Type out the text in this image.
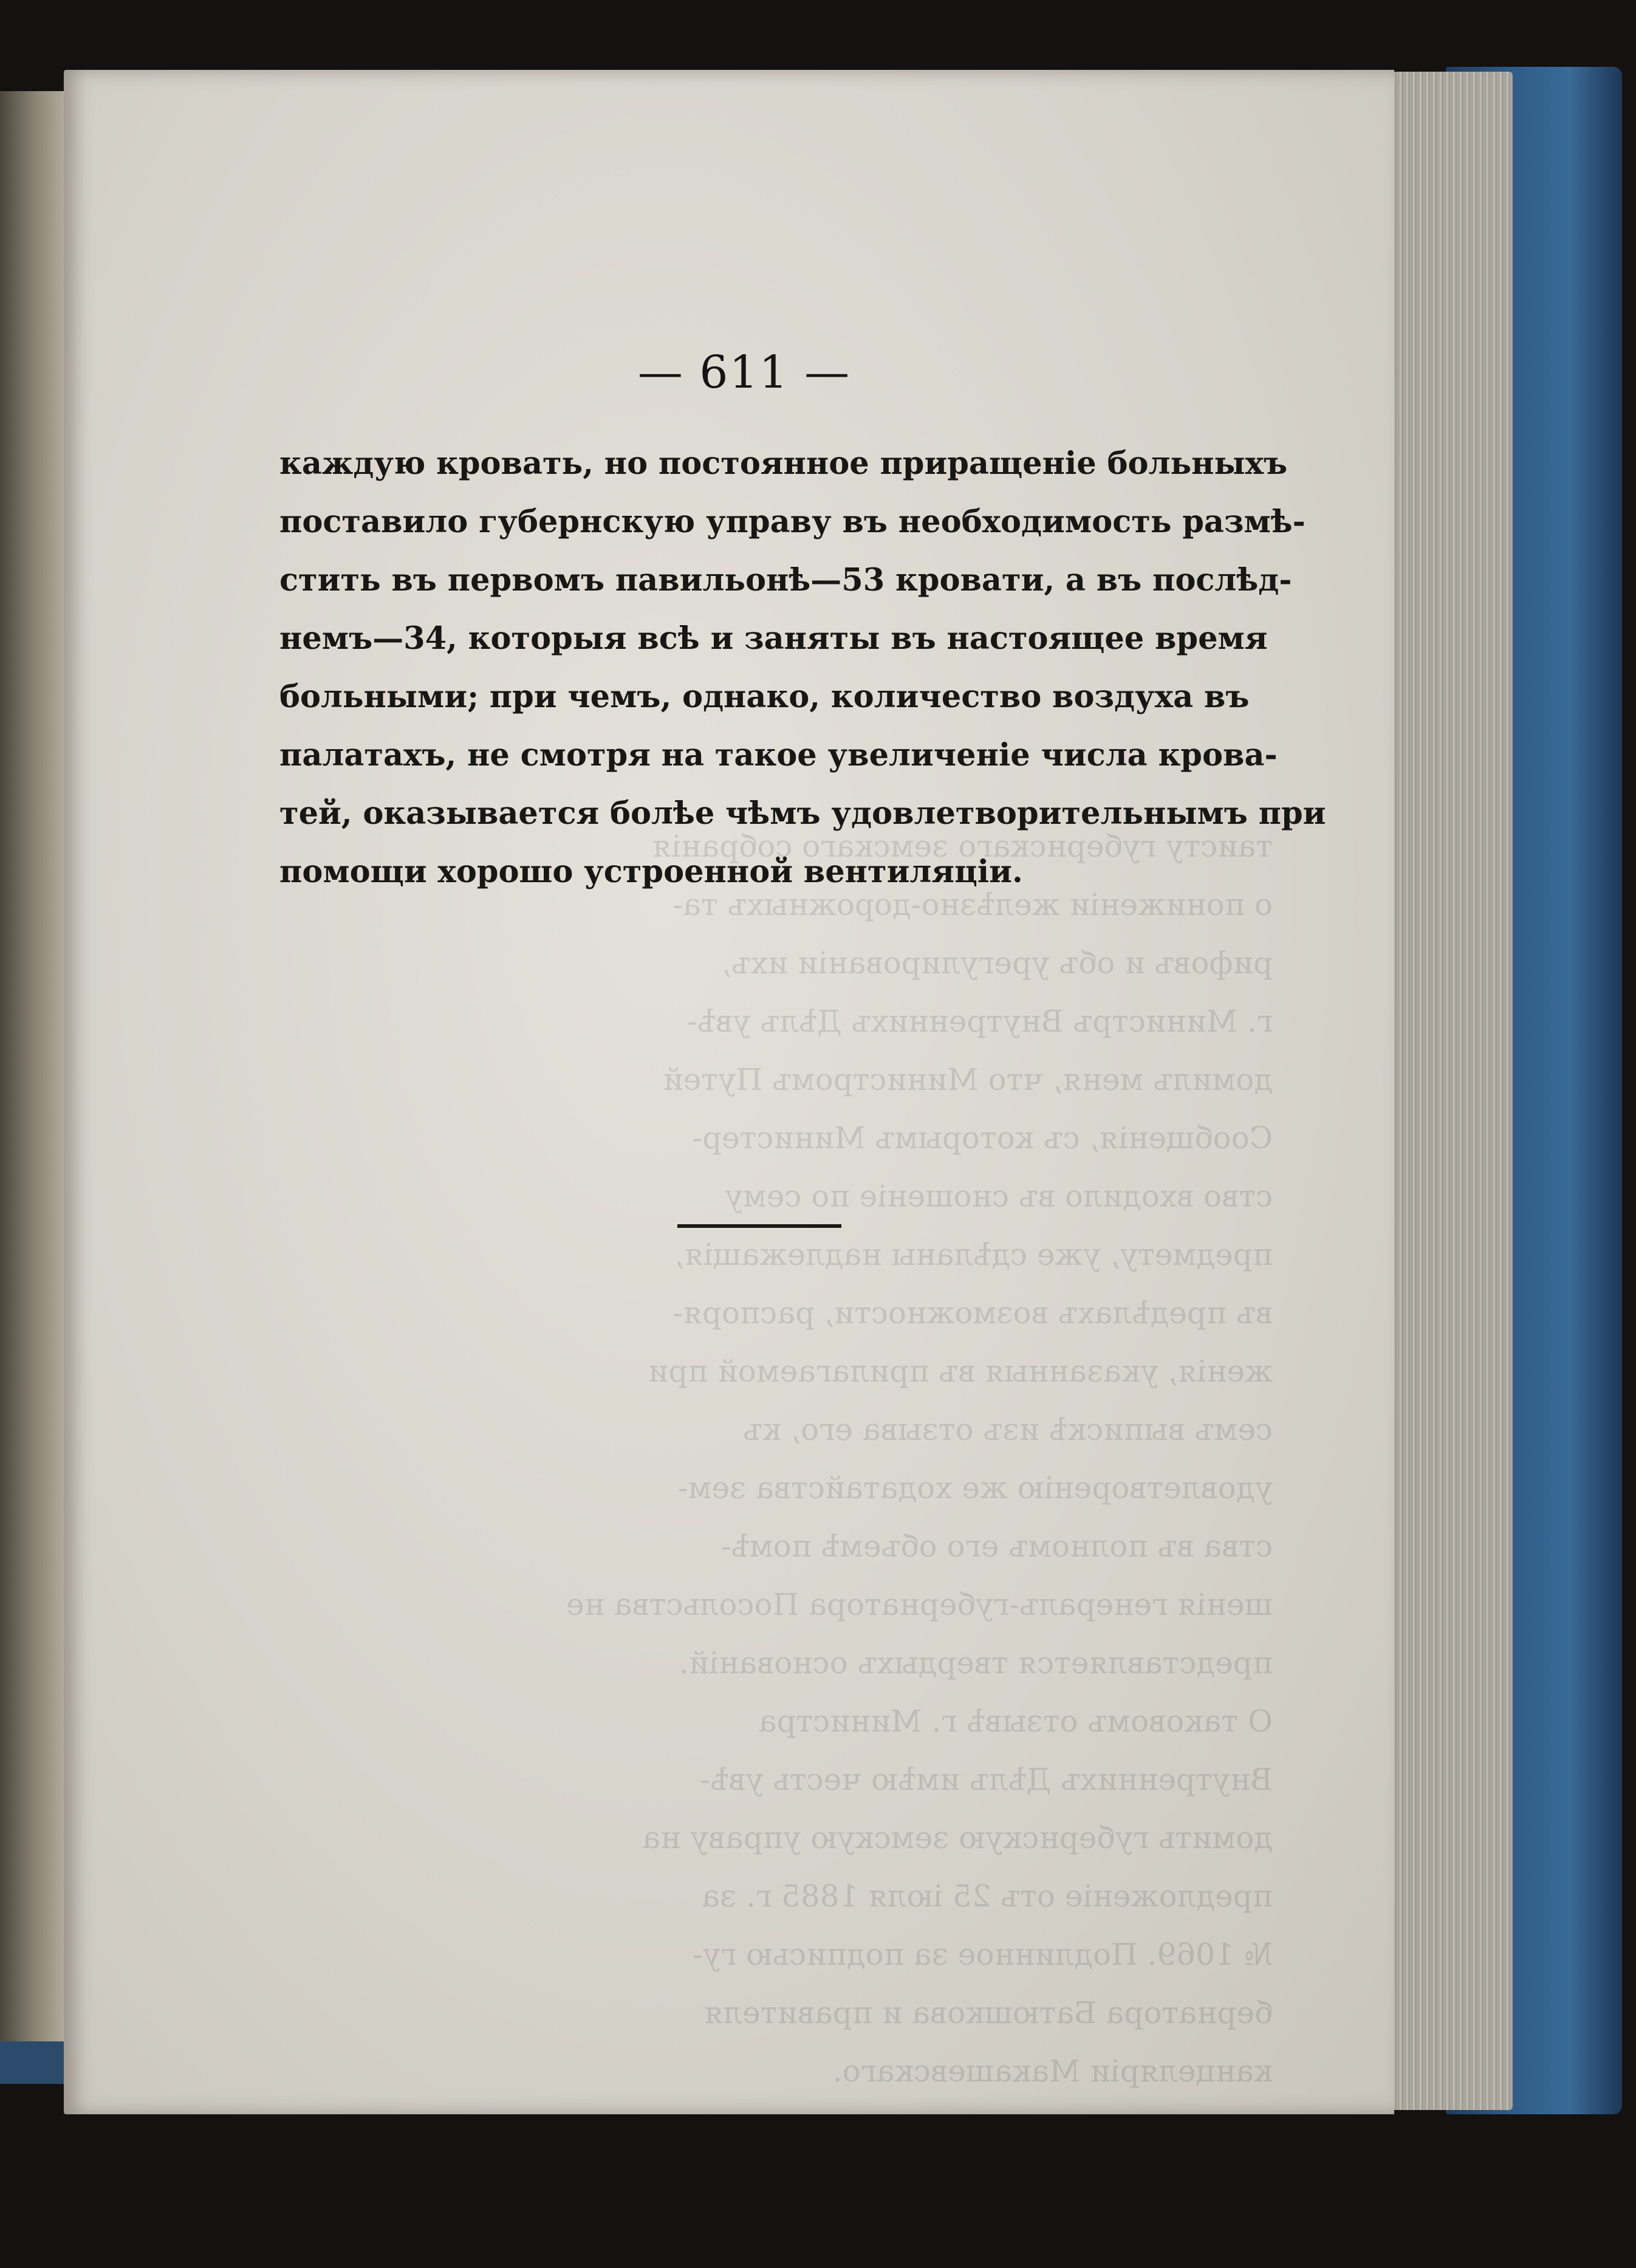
таисту губернскаго земскаго собранія
о пониженіи желѣзно-дорожныхъ та-
рифовъ и объ урегулированіи ихъ,
г. Министръ Внутреннихъ Дѣлъ увѣ-
домилъ меня, что Министромъ Путей
Сообщенія, съ которымъ Министер-
ство входило въ сношеніе по сему
предмету, уже сдѣланы надлежащія,
въ предѣлахъ возможности, распоря-
женія, указанныя въ прилагаемой при
семъ выпискѣ изъ отзыва его, къ
удовлетворенію же ходатайства зем-
ства въ полномъ его объемѣ помѣ-
шенія генералъ-губернатора Посольства не
представляется твердыхъ основаній.
О таковомъ отзывѣ г. Министра
Внутреннихъ Дѣлъ имѣю честь увѣ-
домить губернскую земскую управу на
предложеніе отъ 25 іюля 1885 г. за
№ 1069. Подлинное за подписью гу-
бернатора Батюшкова и правителя
канцеляріи Макашевскаго.
— 611 —
каждую кровать, но постоянное приращеніе больныхъ
поставило губернскую управу въ необходимость размѣ-
стить въ первомъ павильонѣ—53 кровати, а въ послѣд-
немъ—34, которыя всѣ и заняты въ настоящее время
больными; при чемъ, однако, количество воздуха въ
палатахъ, не смотря на такое увеличеніе числа крова-
тей, оказывается болѣе чѣмъ удовлетворительнымъ при
помощи хорошо устроенной вентиляціи.
